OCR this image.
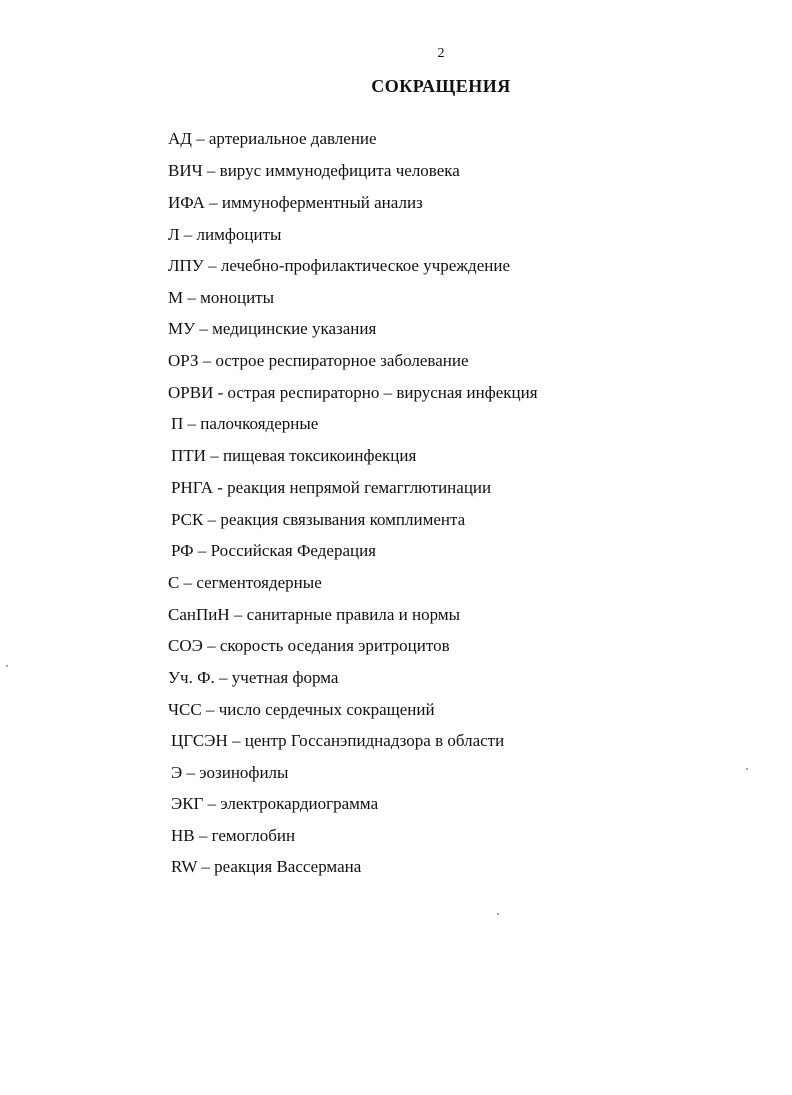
2
СОКРАЩЕНИЯ
АД – артериальное давление
ВИЧ – вирус иммунодефицита человека
ИФА – иммуноферментный анализ
Л – лимфоциты
ЛПУ – лечебно-профилактическое учреждение
М – моноциты
МУ – медицинские указания
ОРЗ – острое респираторное заболевание
ОРВИ - острая респираторно – вирусная инфекция
П – палочкоядерные
ПТИ – пищевая токсикоинфекция
РНГА - реакция непрямой гемагглютинации
РСК – реакция связывания комплимента
РФ – Российская Федерация
С – сегментоядерные
СанПиН – санитарные правила и нормы
СОЭ – скорость оседания эритроцитов
Уч. Ф. – учетная форма
ЧСС – число сердечных сокращений
ЦГСЭН – центр Госсанэпиднадзора в области
Э – эозинофилы
ЭКГ – электрокардиограмма
НВ – гемоглобин
RW – реакция Вассермана
